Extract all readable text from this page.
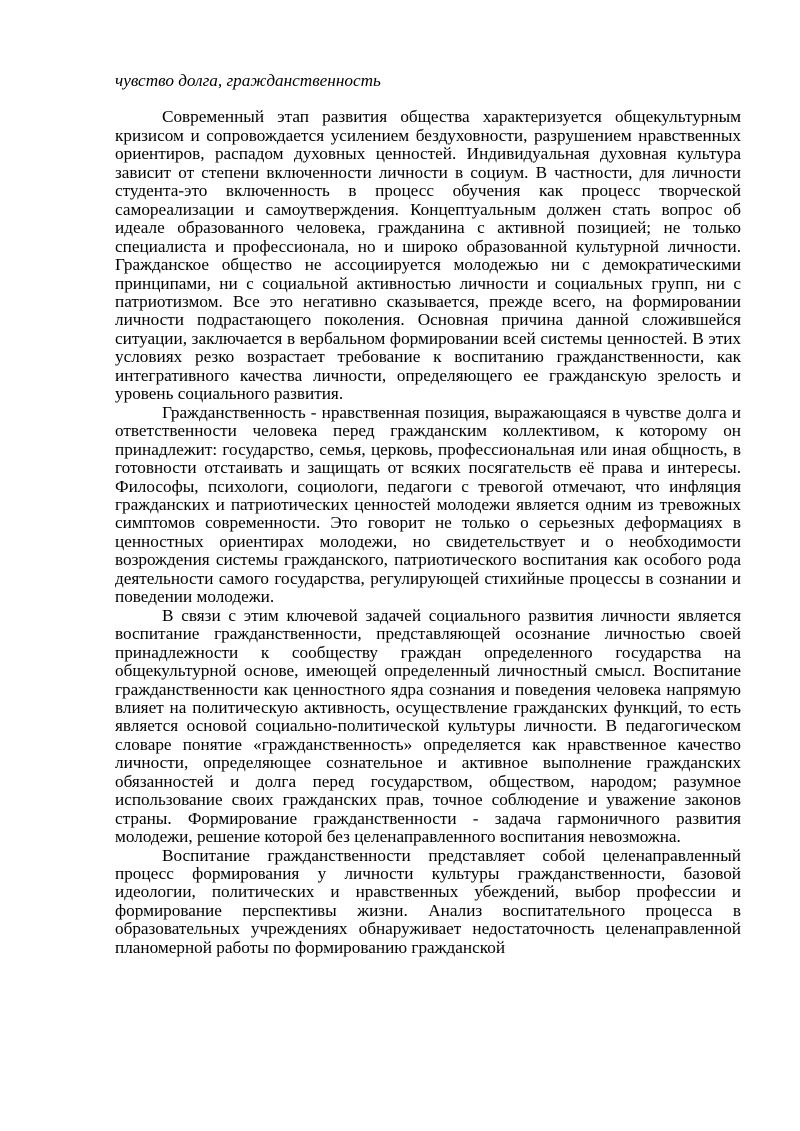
чувство долга, гражданственность

Современный этап развития общества характеризуется общекультурным кризисом и сопровождается усилением бездуховности, разрушением нравственных ориентиров, распадом духовных ценностей. Индивидуальная духовная культура зависит от степени включенности личности в социум. В частности, для личности студента-это включенность в процесс обучения как процесс творческой самореализации и самоутверждения. Концептуальным должен стать вопрос об идеале образованного человека, гражданина с активной позицией; не только специалиста и профессионала, но и широко образованной культурной личности. Гражданское общество не ассоциируется молодежью ни с демократическими принципами, ни с социальной активностью личности и социальных групп, ни с патриотизмом. Все это негативно сказывается, прежде всего, на формировании личности подрастающего поколения. Основная причина данной сложившейся ситуации, заключается в вербальном формировании всей системы ценностей. В этих условиях резко возрастает требование к воспитанию гражданственности, как интегративного качества личности, определяющего ее гражданскую зрелость и уровень социального развития.

Гражданственность - нравственная позиция, выражающаяся в чувстве долга и ответственности человека перед гражданским коллективом, к которому он принадлежит: государство, семья, церковь, профессиональная или иная общность, в готовности отстаивать и защищать от всяких посягательств её права и интересы. Философы, психологи, социологи, педагоги с тревогой отмечают, что инфляция гражданских и патриотических ценностей молодежи является одним из тревожных симптомов современности. Это говорит не только о серьезных деформациях в ценностных ориентирах молодежи, но свидетельствует и о необходимости возрождения системы гражданского, патриотического воспитания как особого рода деятельности самого государства, регулирующей стихийные процессы в сознании и поведении молодежи.

В связи с этим ключевой задачей социального развития личности является воспитание гражданственности, представляющей осознание личностью своей принадлежности к сообществу граждан определенного государства на общекультурной основе, имеющей определенный личностный смысл. Воспитание гражданственности как ценностного ядра сознания и поведения человека напрямую влияет на политическую активность, осуществление гражданских функций, то есть является основой социально-политической культуры личности. В педагогическом словаре понятие «гражданственность» определяется как нравственное качество личности, определяющее сознательное и активное выполнение гражданских обязанностей и долга перед государством, обществом, народом; разумное использование своих гражданских прав, точное соблюдение и уважение законов страны. Формирование гражданственности - задача гармоничного развития молодежи, решение которой без целенаправленного воспитания невозможна.

Воспитание гражданственности представляет собой целенаправленный процесс формирования у личности культуры гражданственности, базовой идеологии, политических и нравственных убеждений, выбор профессии и формирование перспективы жизни. Анализ воспитательного процесса в образовательных учреждениях обнаруживает недостаточность целенаправленной планомерной работы по формированию гражданской
